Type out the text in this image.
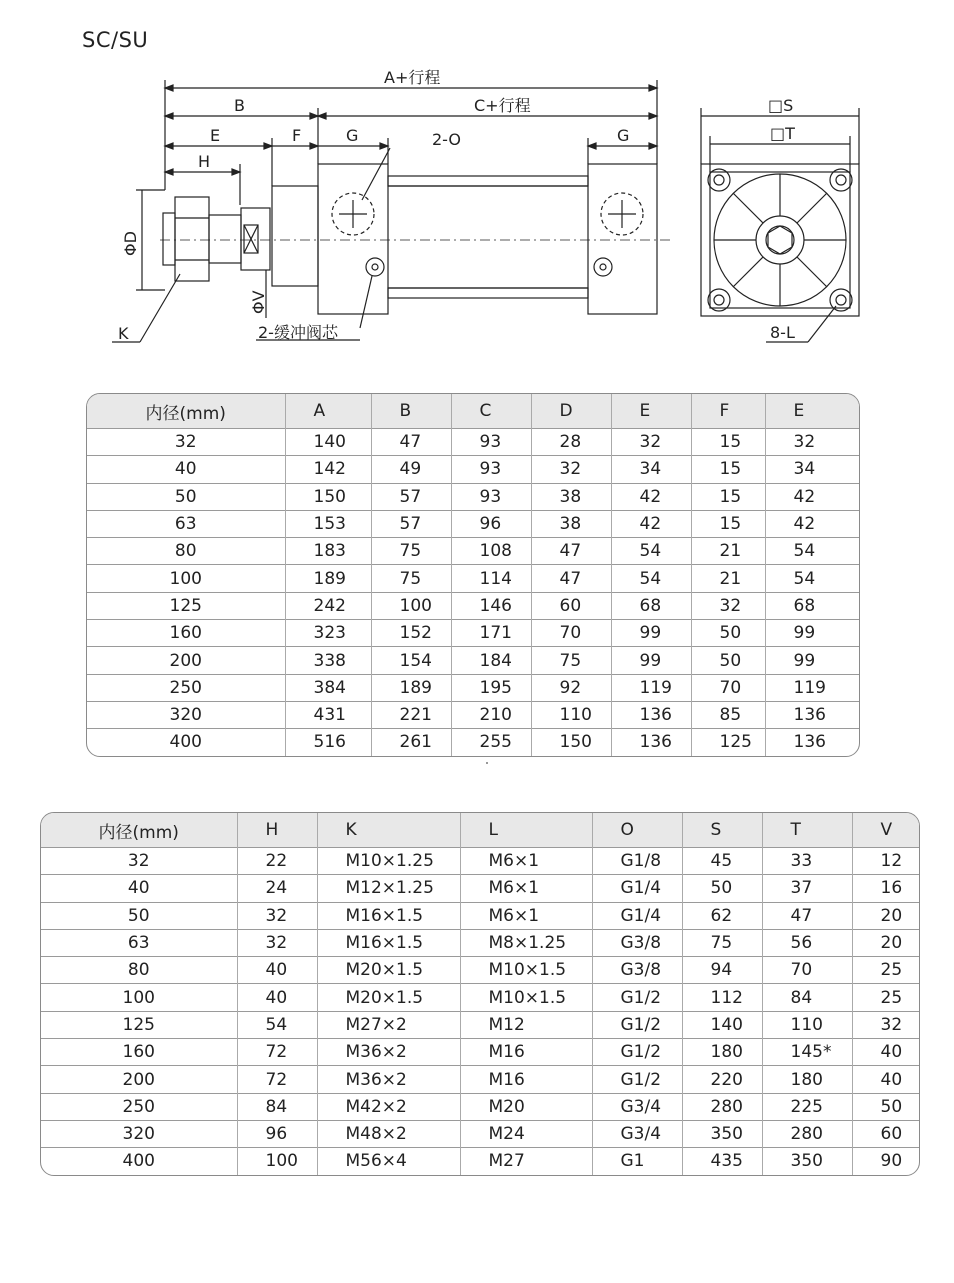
SC/SU
A+行程
B	C+行程
E	F	G	G
H
2-O
ΦD
ΦV
K	2-缓冲阀芯
□S
□T
8-L
内径(mm)	A	B	C	D	E	F	E
32	140	47	93	28	32	15	32
40	142	49	93	32	34	15	34
50	150	57	93	38	42	15	42
63	153	57	96	38	42	15	42
80	183	75	108	47	54	21	54
100	189	75	114	47	54	21	54
125	242	100	146	60	68	32	68
160	323	152	171	70	99	50	99
200	338	154	184	75	99	50	99
250	384	189	195	92	119	70	119
320	431	221	210	110	136	85	136
400	516	261	255	150	136	125	136
内径(mm)	H	K	L	O	S	T	V
32	22	M10×1.25	M6×1	G1/8	45	33	12
40	24	M12×1.25	M6×1	G1/4	50	37	16
50	32	M16×1.5	M6×1	G1/4	62	47	20
63	32	M16×1.5	M8×1.25	G3/8	75	56	20
80	40	M20×1.5	M10×1.5	G3/8	94	70	25
100	40	M20×1.5	M10×1.5	G1/2	112	84	25
125	54	M27×2	M12	G1/2	140	110	32
160	72	M36×2	M16	G1/2	180	145*	40
200	72	M36×2	M16	G1/2	220	180	40
250	84	M42×2	M20	G3/4	280	225	50
320	96	M48×2	M24	G3/4	350	280	60
400	100	M56×4	M27	G1	435	350	90
